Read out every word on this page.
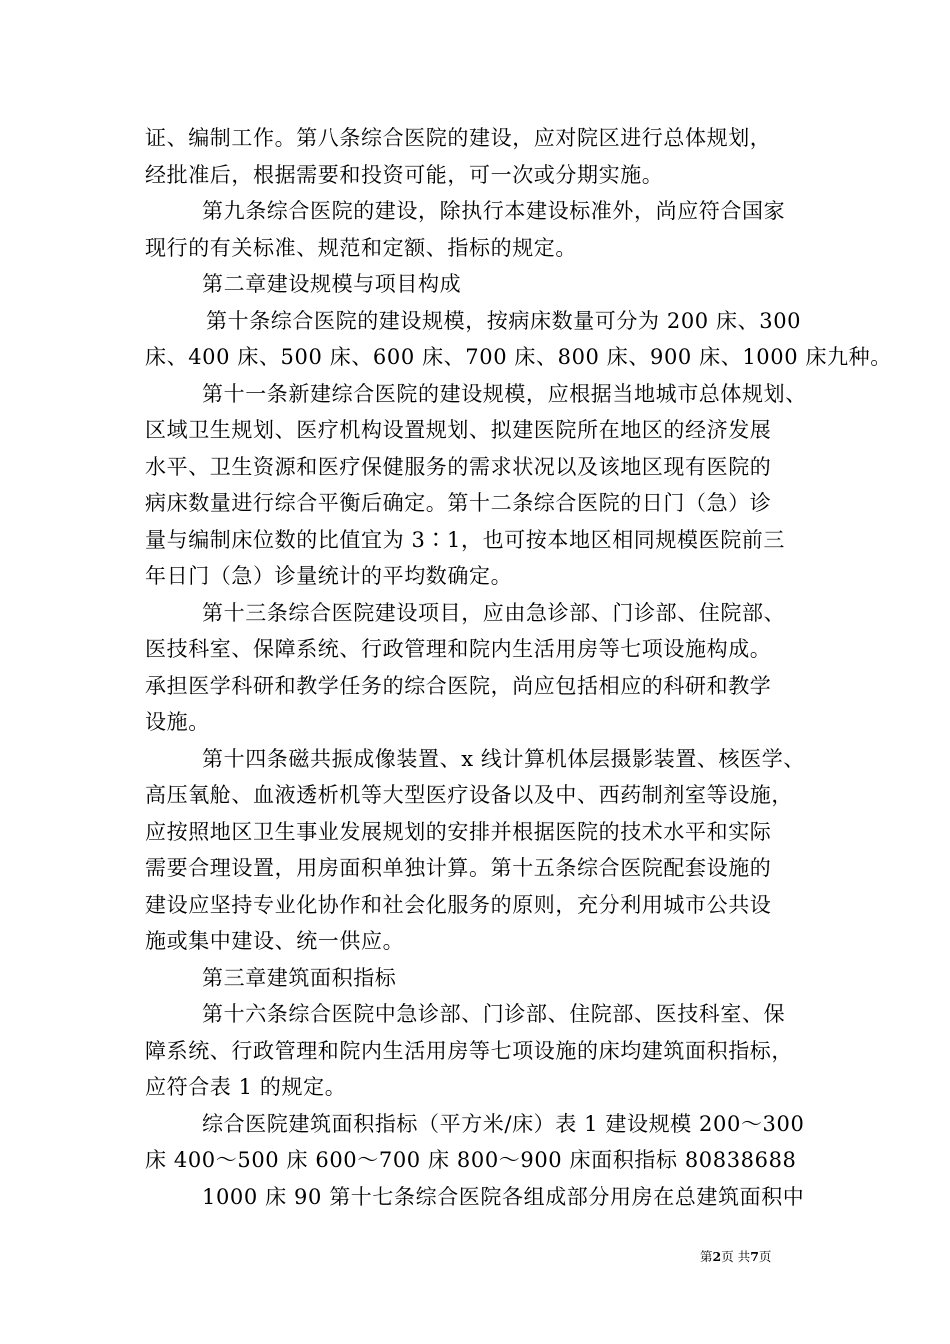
证、编制工作。第八条综合医院的建设，应对院区进行总体规划，
经批准后，根据需要和投资可能，可一次或分期实施。
第九条综合医院的建设，除执行本建设标准外，尚应符合国家
现行的有关标准、规范和定额、指标的规定。
第二章建设规模与项目构成
第十条综合医院的建设规模，按病床数量可分为 200 床、300
床、400 床、500 床、600 床、700 床、800 床、900 床、1000 床九种。
第十一条新建综合医院的建设规模，应根据当地城市总体规划、
区域卫生规划、医疗机构设置规划、拟建医院所在地区的经济发展
水平、卫生资源和医疗保健服务的需求状况以及该地区现有医院的
病床数量进行综合平衡后确定。第十二条综合医院的日门（急）诊
量与编制床位数的比值宜为 3∶1，也可按本地区相同规模医院前三
年日门（急）诊量统计的平均数确定。
第十三条综合医院建设项目，应由急诊部、门诊部、住院部、
医技科室、保障系统、行政管理和院内生活用房等七项设施构成。
承担医学科研和教学任务的综合医院，尚应包括相应的科研和教学
设施。
第十四条磁共振成像装置、x 线计算机体层摄影装置、核医学、
高压氧舱、血液透析机等大型医疗设备以及中、西药制剂室等设施，
应按照地区卫生事业发展规划的安排并根据医院的技术水平和实际
需要合理设置，用房面积单独计算。第十五条综合医院配套设施的
建设应坚持专业化协作和社会化服务的原则，充分利用城市公共设
施或集中建设、统一供应。
第三章建筑面积指标
第十六条综合医院中急诊部、门诊部、住院部、医技科室、保
障系统、行政管理和院内生活用房等七项设施的床均建筑面积指标，
应符合表 1 的规定。
综合医院建筑面积指标（平方米/床）表 1 建设规模 200～300
床 400～500 床 600～700 床 800～900 床面积指标 80838688
1000 床 90 第十七条综合医院各组成部分用房在总建筑面积中
第2页 共7页
